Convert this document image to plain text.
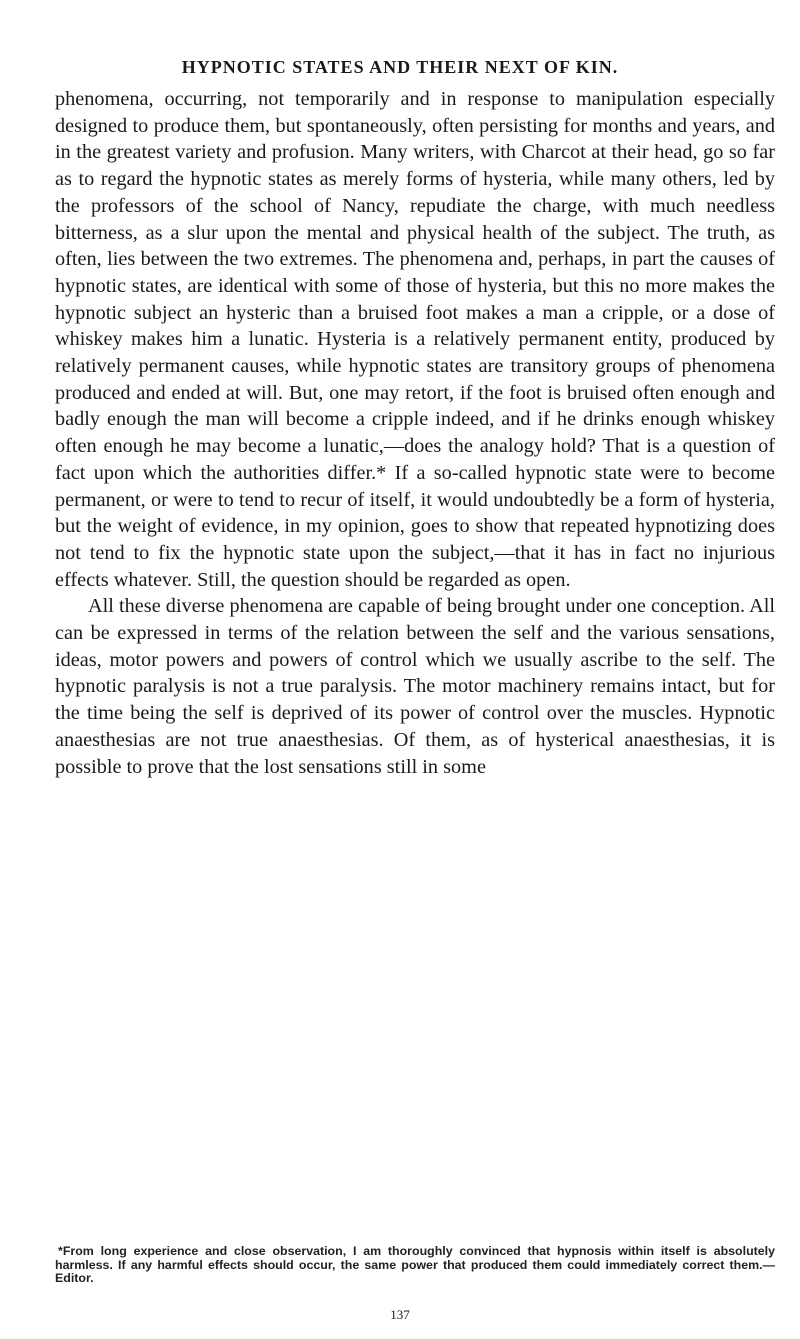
HYPNOTIC STATES AND THEIR NEXT OF KIN.

phenomena, occurring, not temporarily and in response to manipulation especially designed to produce them, but spontaneously, often persisting for months and years, and in the greatest variety and profusion. Many writers, with Charcot at their head, go so far as to regard the hypnotic states as merely forms of hysteria, while many others, led by the professors of the school of Nancy, repudiate the charge, with much needless bitterness, as a slur upon the mental and physical health of the subject. The truth, as often, lies between the two extremes. The phenomena and, perhaps, in part the causes of hypnotic states, are identical with some of those of hysteria, but this no more makes the hypnotic subject an hysteric than a bruised foot makes a man a cripple, or a dose of whiskey makes him a lunatic. Hysteria is a relatively permanent entity, produced by relatively permanent causes, while hypnotic states are transitory groups of phenomena produced and ended at will. But, one may retort, if the foot is bruised often enough and badly enough the man will become a cripple indeed, and if he drinks enough whiskey often enough he may become a lunatic,—does the analogy hold? That is a question of fact upon which the authorities differ.* If a so-called hypnotic state were to become permanent, or were to tend to recur of itself, it would undoubtedly be a form of hysteria, but the weight of evidence, in my opinion, goes to show that repeated hypnotizing does not tend to fix the hypnotic state upon the subject,—that it has in fact no injurious effects whatever. Still, the question should be regarded as open.

All these diverse phenomena are capable of being brought under one conception. All can be expressed in terms of the relation between the self and the various sensations, ideas, motor powers and powers of control which we usually ascribe to the self. The hypnotic paralysis is not a true paralysis. The motor machinery remains intact, but for the time being the self is deprived of its power of control over the muscles. Hypnotic anaesthesias are not true anaesthesias. Of them, as of hysterical anaesthesias, it is possible to prove that the lost sensations still in some

*From long experience and close observation, I am thoroughly convinced that hypnosis within itself is absolutely harmless. If any harmful effects should occur, the same power that produced them could immediately correct them.—Editor.

137
